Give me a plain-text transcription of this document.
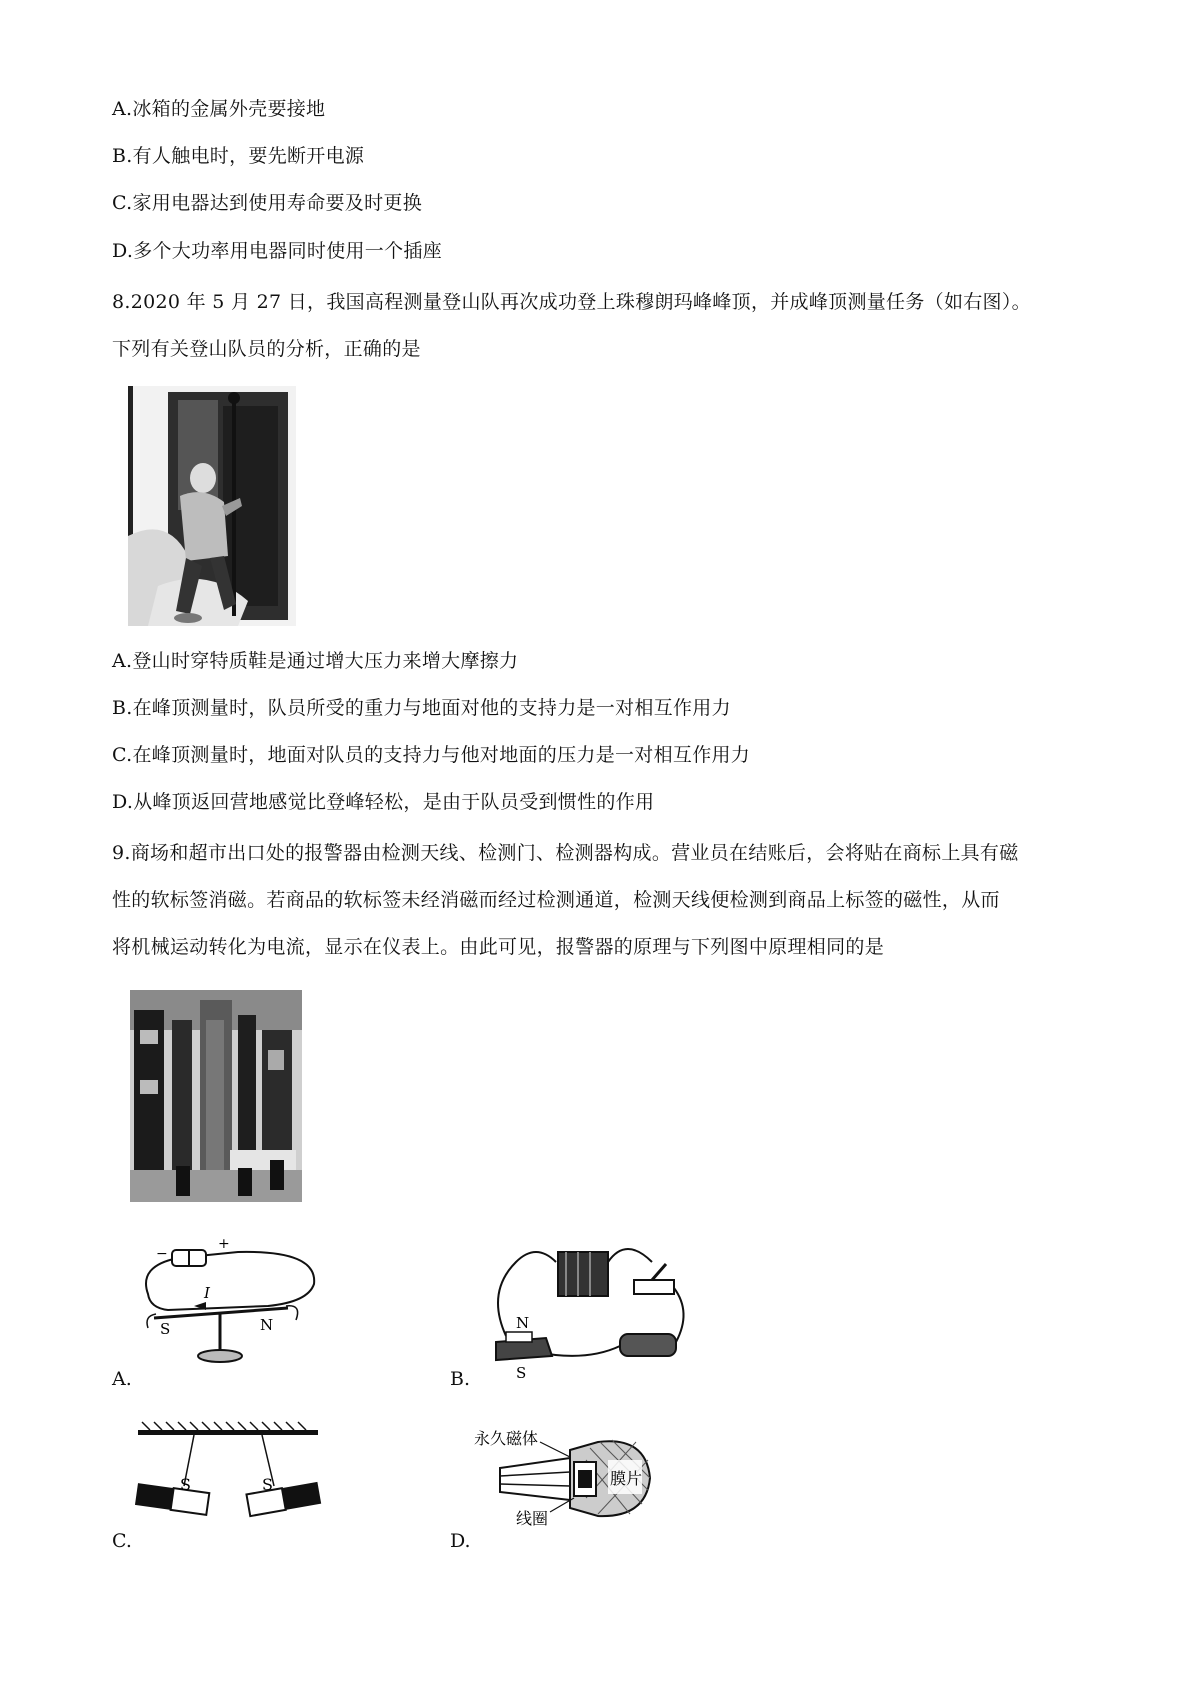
A.冰箱的金属外壳要接地
B.有人触电时，要先断开电源
C.家用电器达到使用寿命要及时更换
D.多个大功率用电器同时使用一个插座
8.2020 年 5 月 27 日，我国高程测量登山队再次成功登上珠穆朗玛峰峰顶，并成峰顶测量任务（如右图）。
下列有关登山队员的分析，正确的是
A.登山时穿特质鞋是通过增大压力来增大摩擦力
B.在峰顶测量时，队员所受的重力与地面对他的支持力是一对相互作用力
C.在峰顶测量时，地面对队员的支持力与他对地面的压力是一对相互作用力
D.从峰顶返回营地感觉比登峰轻松，是由于队员受到惯性的作用
9.商场和超市出口处的报警器由检测天线、检测门、检测器构成。营业员在结账后，会将贴在商标上具有磁
性的软标签消磁。若商品的软标签未经消磁而经过检测通道，检测天线便检测到商品上标签的磁性，从而
将机械运动转化为电流，显示在仪表上。由此可见，报警器的原理与下列图中原理相同的是
−
+
I
S	N
A.
N
S
B.
S	S
C.
永久磁体
膜片
线圈
D.
